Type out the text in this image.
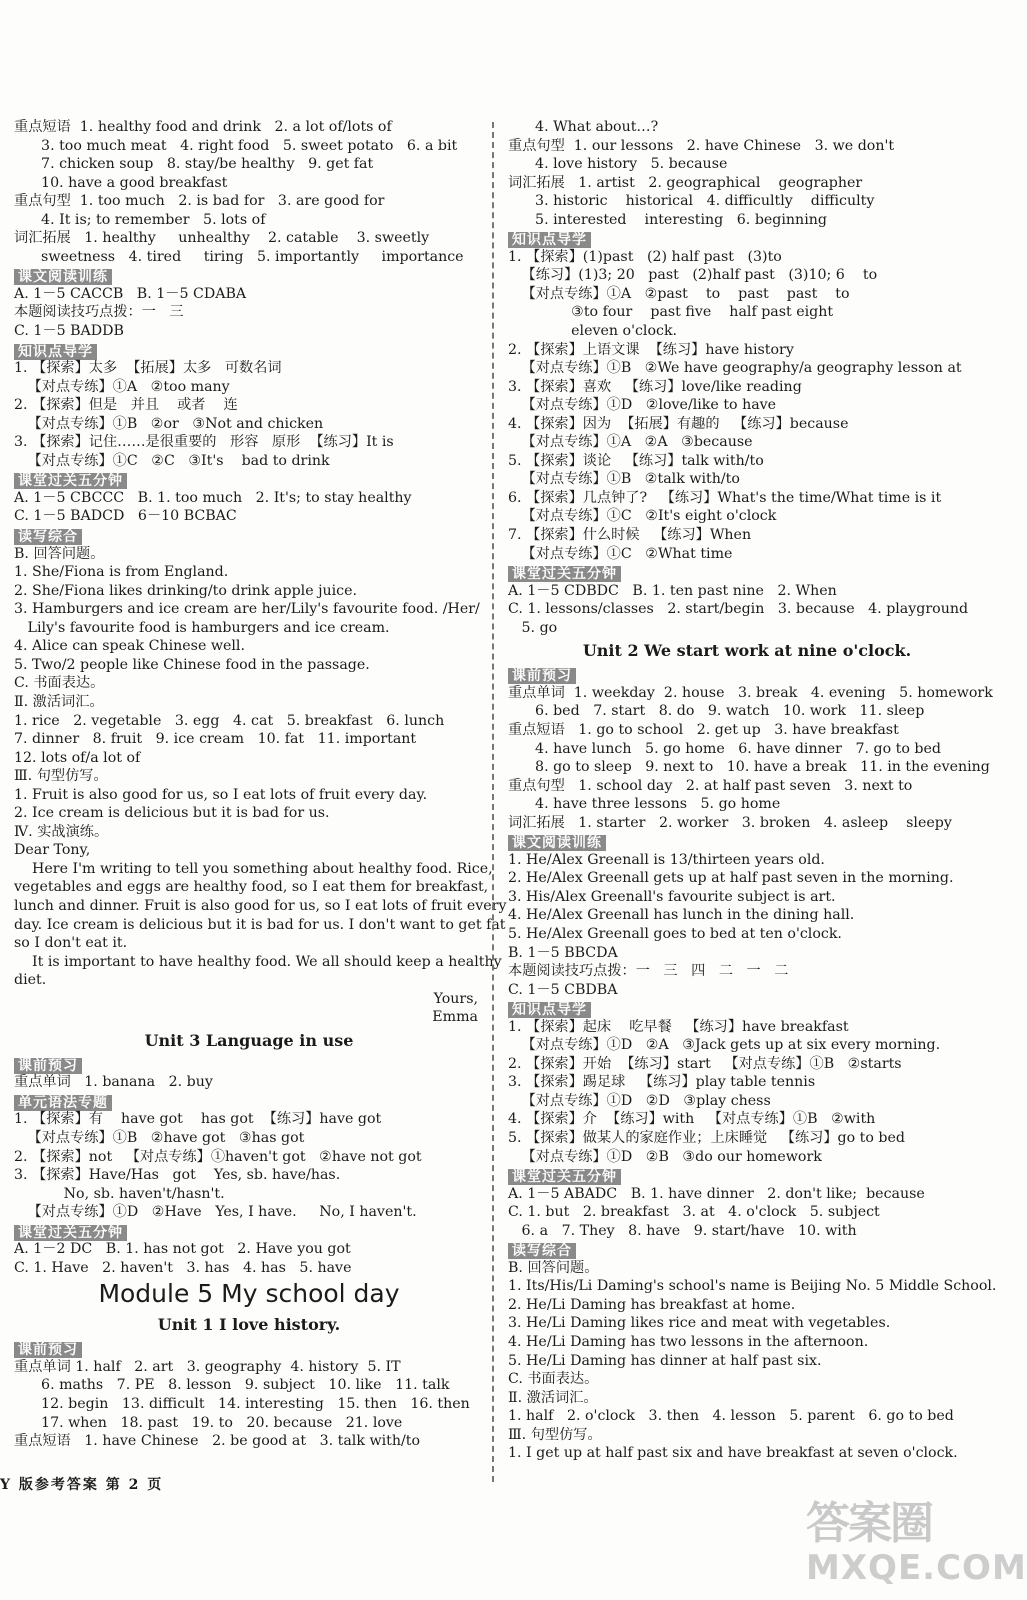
重点短语  1. healthy food and drink   2. a lot of/lots of
3. too much meat   4. right food   5. sweet potato   6. a bit
7. chicken soup   8. stay/be healthy   9. get fat
10. have a good breakfast
重点句型  1. too much   2. is bad for   3. are good for
4. It is; to remember   5. lots of
词汇拓展   1. healthy     unhealthy    2. catable    3. sweetly
sweetness   4. tired     tiring   5. importantly     importance
课文阅读训练
A. 1－5 CACCB   B. 1－5 CDABA
本题阅读技巧点拨：一   三
C. 1－5 BADDB
知识点导学
1. 【探索】太多  【拓展】太多   可数名词
【对点专练】①A   ②too many
2. 【探索】但是   并且    或者    连
【对点专练】①B   ②or   ③Not and chicken
3. 【探索】记住……是很重要的   形容   原形  【练习】It is
【对点专练】①C   ②C   ③It's    bad to drink
课堂过关五分钟
A. 1－5 CBCCC   B. 1. too much   2. It's; to stay healthy
C. 1－5 BADCD   6－10 BCBAC
读写综合
B. 回答问题。
1. She/Fiona is from England.
2. She/Fiona likes drinking/to drink apple juice.
3. Hamburgers and ice cream are her/Lily's favourite food. /Her/
Lily's favourite food is hamburgers and ice cream.
4. Alice can speak Chinese well.
5. Two/2 people like Chinese food in the passage.
C. 书面表达。
Ⅱ. 激活词汇。
1. rice   2. vegetable   3. egg   4. cat   5. breakfast   6. lunch
7. dinner   8. fruit   9. ice cream   10. fat   11. important
12. lots of/a lot of
Ⅲ. 句型仿写。
1. Fruit is also good for us, so I eat lots of fruit every day.
2. Ice cream is delicious but it is bad for us.
Ⅳ. 实战演练。
Dear Tony,
Here I'm writing to tell you something about healthy food. Rice,
vegetables and eggs are healthy food, so I eat them for breakfast,
lunch and dinner. Fruit is also good for us, so I eat lots of fruit every
day. Ice cream is delicious but it is bad for us. I don't want to get fat
so I don't eat it.
It is important to have healthy food. We all should keep a healthy
diet.
Yours,
Emma
Unit 3 Language in use
课前预习
重点单词   1. banana   2. buy
单元语法专题
1. 【探索】有    have got    has got  【练习】have got
【对点专练】①B   ②have got   ③has got
2. 【探索】not   【对点专练】①haven't got   ②have not got
3. 【探索】Have/Has   got    Yes, sb. have/has.
No, sb. haven't/hasn't.
【对点专练】①D   ②Have   Yes, I have.     No, I haven't.
课堂过关五分钟
A. 1－2 DC   B. 1. has not got   2. Have you got
C. 1. Have   2. haven't   3. has   4. has   5. have
Module 5 My school day
Unit 1 I love history.
课前预习
重点单词 1. half   2. art   3. geography  4. history  5. IT
6. maths   7. PE   8. lesson   9. subject   10. like   11. talk
12. begin   13. difficult   14. interesting   15. then   16. then
17. when   18. past   19. to   20. because   21. love
重点短语   1. have Chinese   2. be good at   3. talk with/to
4. What about…?
重点句型  1. our lessons   2. have Chinese   3. we don't
4. love history   5. because
词汇拓展   1. artist   2. geographical    geographer
3. historic    historical   4. difficultly    difficulty
5. interested    interesting   6. beginning
知识点导学
1. 【探索】(1)past   (2) half past   (3)to
【练习】(1)3; 20   past   (2)half past   (3)10; 6    to
【对点专练】①A   ②past    to    past    past    to
③to four    past five    half past eight
eleven o'clock.
2. 【探索】上语文课  【练习】have history
【对点专练】①B   ②We have geography/a geography lesson at
3. 【探索】喜欢   【练习】love/like reading
【对点专练】①D   ②love/like to have
4. 【探索】因为  【拓展】有趣的   【练习】because
【对点专练】①A   ②A   ③because
5. 【探索】谈论   【练习】talk with/to
【对点专练】①B   ②talk with/to
6. 【探索】几点钟了?   【练习】What's the time/What time is it
【对点专练】①C   ②It's eight o'clock
7. 【探索】什么时候   【练习】When
【对点专练】①C   ②What time
课堂过关五分钟
A. 1－5 CDBDC   B. 1. ten past nine   2. When
C. 1. lessons/classes   2. start/begin   3. because   4. playground
5. go
Unit 2 We start work at nine o'clock.
课前预习
重点单词  1. weekday  2. house   3. break   4. evening   5. homework
6. bed   7. start   8. do   9. watch   10. work   11. sleep
重点短语   1. go to school   2. get up   3. have breakfast
4. have lunch   5. go home   6. have dinner   7. go to bed
8. go to sleep   9. next to   10. have a break   11. in the evening
重点句型   1. school day   2. at half past seven   3. next to
4. have three lessons   5. go home
词汇拓展   1. starter   2. worker   3. broken   4. asleep    sleepy
课文阅读训练
1. He/Alex Greenall is 13/thirteen years old.
2. He/Alex Greenall gets up at half past seven in the morning.
3. His/Alex Greenall's favourite subject is art.
4. He/Alex Greenall has lunch in the dining hall.
5. He/Alex Greenall goes to bed at ten o'clock.
B. 1－5 BBCDA
本题阅读技巧点拨：一   三   四   二   一   二
C. 1－5 CBDBA
知识点导学
1. 【探索】起床    吃早餐   【练习】have breakfast
【对点专练】①D   ②A   ③Jack gets up at six every morning.
2. 【探索】开始  【练习】start   【对点专练】①B   ②starts
3. 【探索】踢足球   【练习】play table tennis
【对点专练】①D   ②D   ③play chess
4. 【探索】介  【练习】with   【对点专练】①B   ②with
5. 【探索】做某人的家庭作业；上床睡觉   【练习】go to bed
【对点专练】①D   ②B   ③do our homework
课堂过关五分钟
A. 1－5 ABADC   B. 1. have dinner   2. don't like;  because
C. 1. but   2. breakfast   3. at   4. o'clock   5. subject
6. a   7. They   8. have   9. start/have   10. with
读写综合
B. 回答问题。
1. Its/His/Li Daming's school's name is Beijing No. 5 Middle School.
2. He/Li Daming has breakfast at home.
3. He/Li Daming likes rice and meat with vegetables.
4. He/Li Daming has two lessons in the afternoon.
5. He/Li Daming has dinner at half past six.
C. 书面表达。
Ⅱ. 激活词汇。
1. half   2. o'clock   3. then   4. lesson   5. parent   6. go to bed
Ⅲ. 句型仿写。
1. I get up at half past six and have breakfast at seven o'clock.
Y 版参考答案 第 2 页
答案圈
MXQE.COM
